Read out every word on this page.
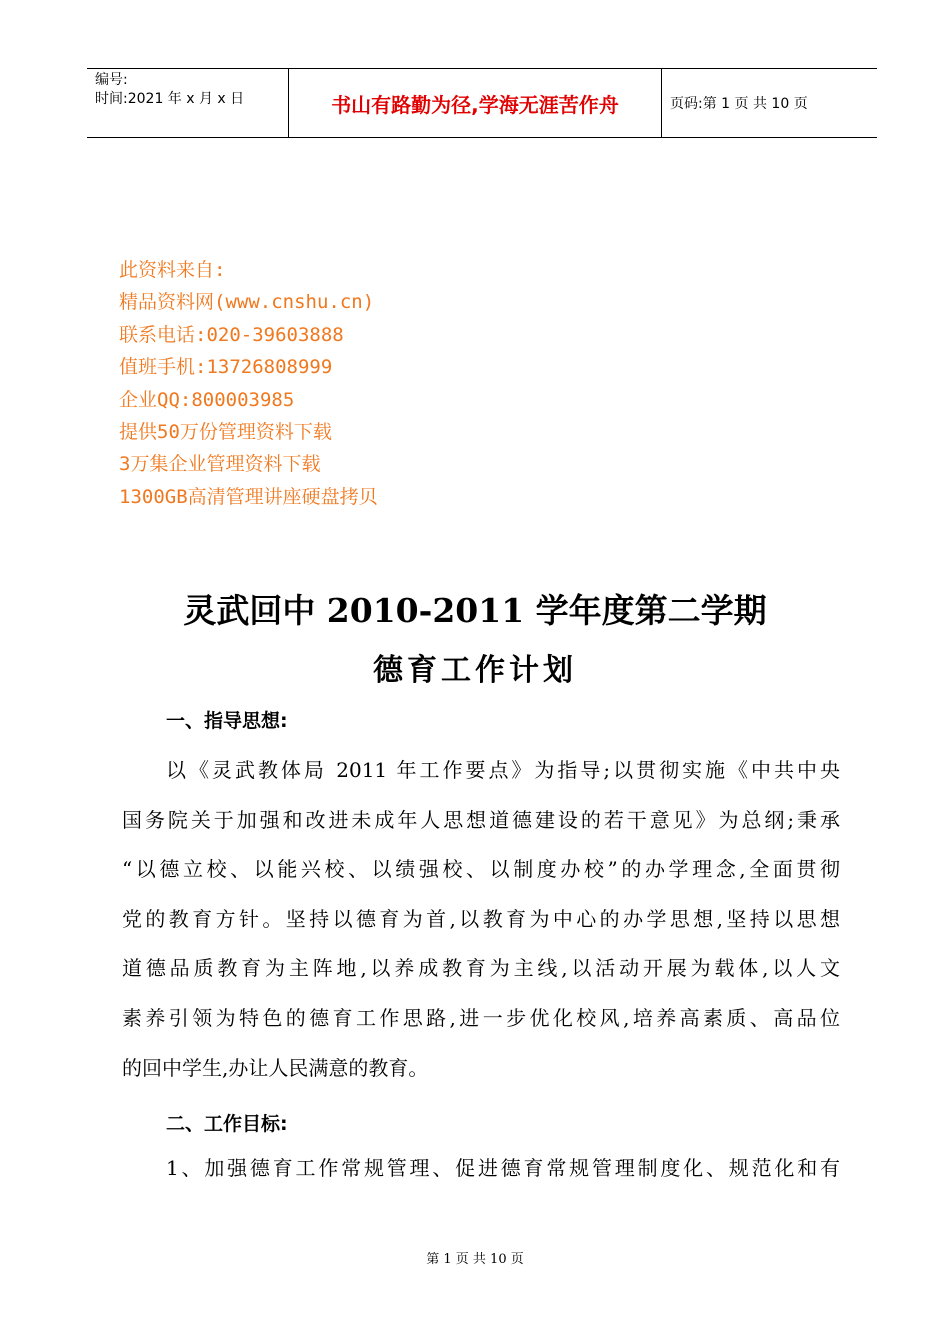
编号:
时间:2021 年 x 月 x 日	书山有路勤为径,学海无涯苦作舟	页码:第 1 页 共 10 页
此资料来自:
精品资料网(www.cnshu.cn)
联系电话:020-39603888
值班手机:13726808999
企业QQ:800003985
提供50万份管理资料下载
3万集企业管理资料下载
1300GB高清管理讲座硬盘拷贝
灵武回中 2010-2011 学年度第二学期
德育工作计划
一、指导思想:
以《灵武教体局 2011 年工作要点》为指导;以贯彻实施《中共中央
国务院关于加强和改进未成年人思想道德建设的若干意见》为总纲;秉承
“以德立校、以能兴校、以绩强校、以制度办校”的办学理念,全面贯彻
党的教育方针。坚持以德育为首,以教育为中心的办学思想,坚持以思想
道德品质教育为主阵地,以养成教育为主线,以活动开展为载体,以人文
素养引领为特色的德育工作思路,进一步优化校风,培养高素质、高品位
的回中学生,办让人民满意的教育。
二、工作目标:
1、加强德育工作常规管理、促进德育常规管理制度化、规范化和有
第 1 页 共 10 页
